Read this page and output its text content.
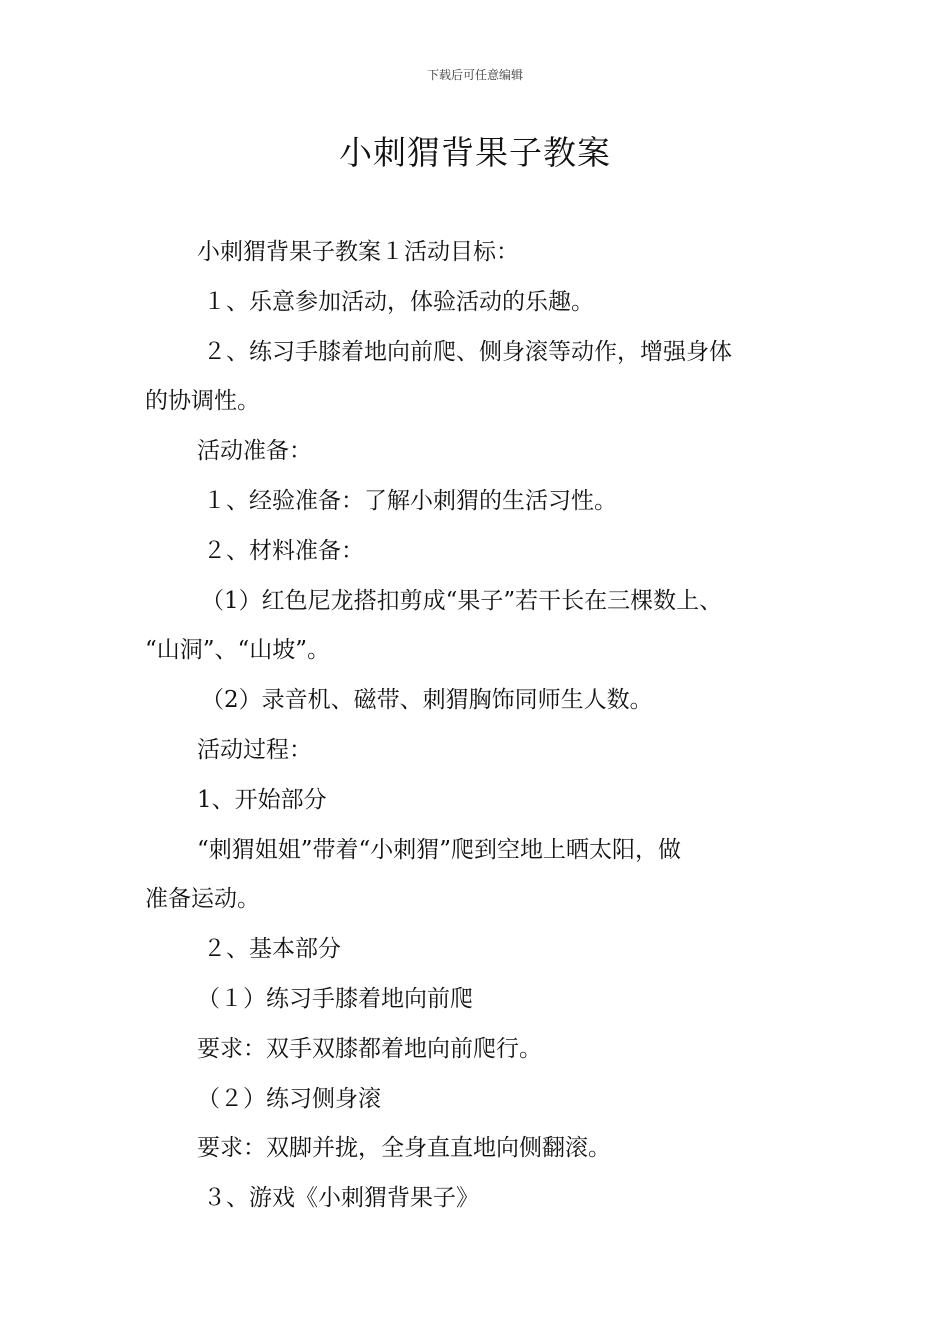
下载后可任意编辑
小刺猬背果子教案

小刺猬背果子教案１活动目标：

１、乐意参加活动，体验活动的乐趣。

２、练习手膝着地向前爬、侧身滚等动作，增强身体

的协调性。

活动准备：

１、经验准备：了解小刺猬的生活习性。

２、材料准备：

（1）红色尼龙搭扣剪成“果子”若干长在三棵数上、

“山洞”、“山坡”。

（2）录音机、磁带、刺猬胸饰同师生人数。

活动过程：

1、开始部分

“刺猬姐姐”带着“小刺猬”爬到空地上晒太阳，做

准备运动。

２、基本部分

（１）练习手膝着地向前爬

要求：双手双膝都着地向前爬行。

（２）练习侧身滚

要求：双脚并拢，全身直直地向侧翻滚。

３、游戏《小刺猬背果子》
